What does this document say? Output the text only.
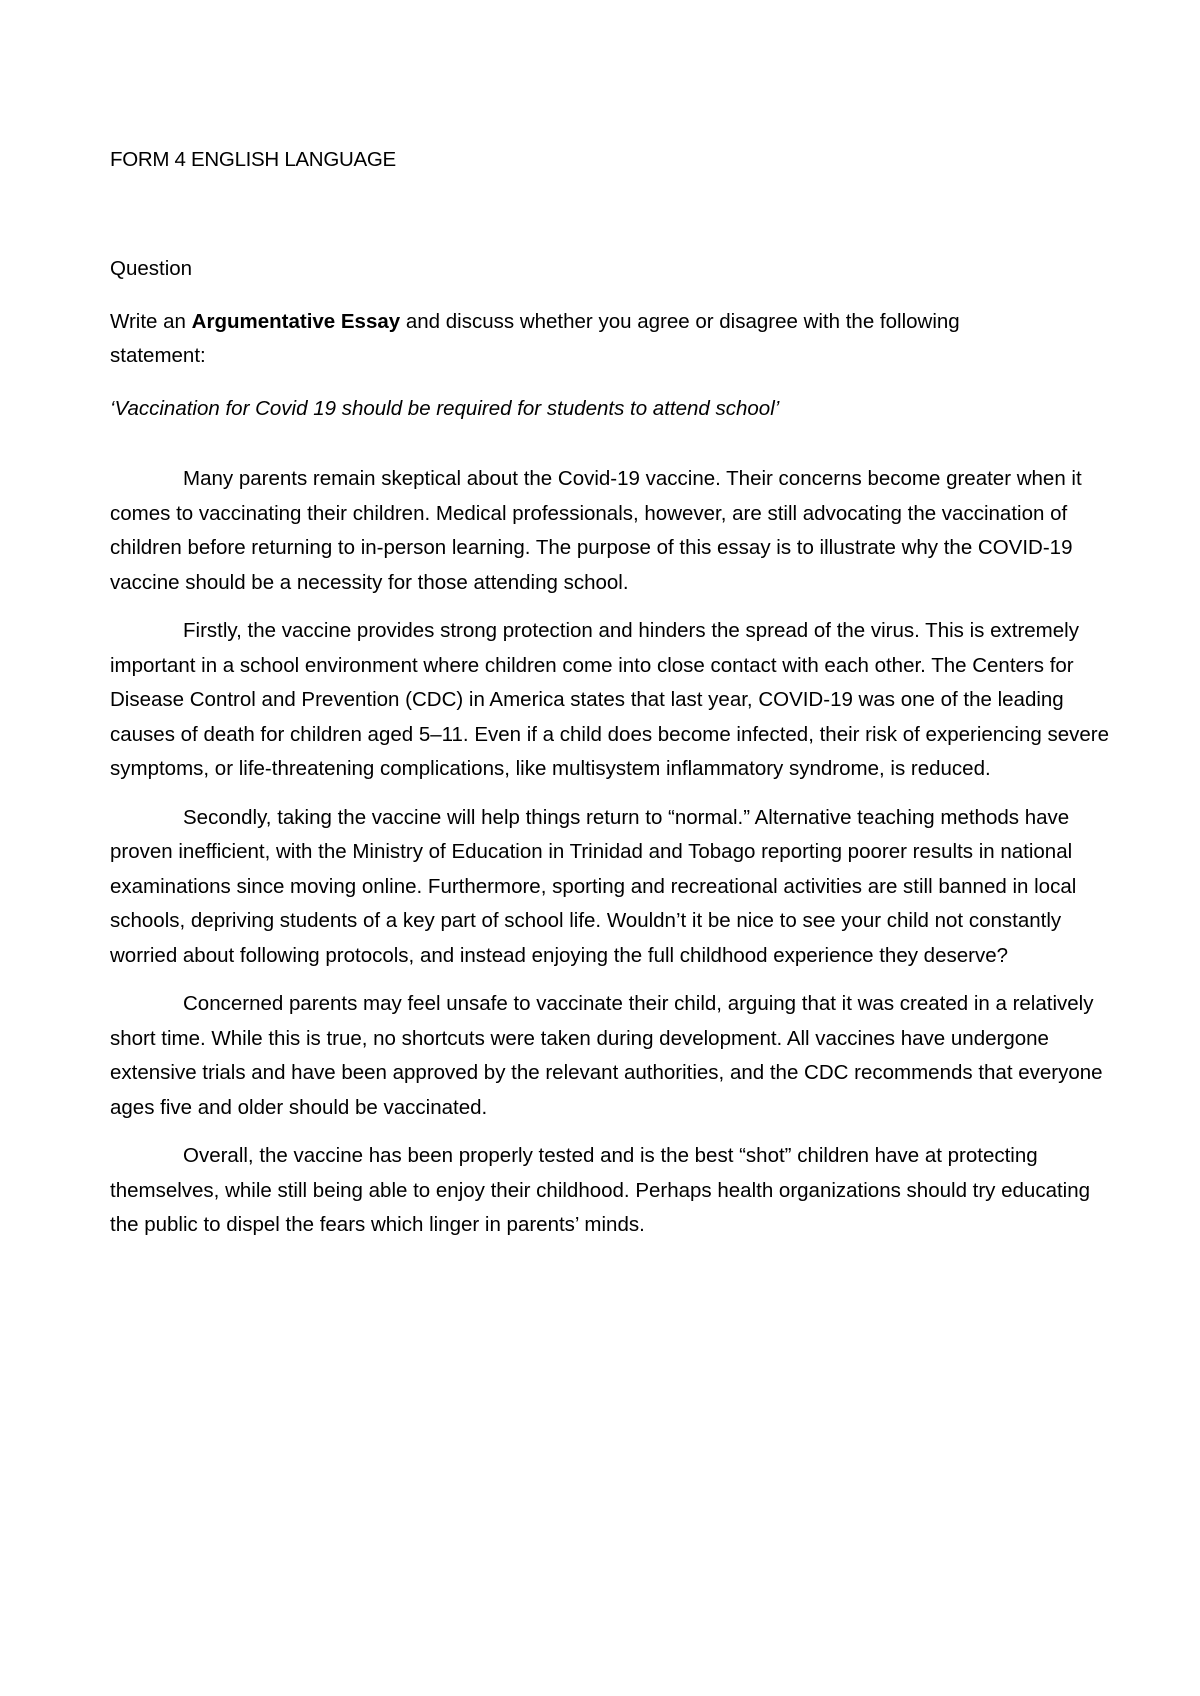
FORM 4 ENGLISH LANGUAGE

Question

Write an Argumentative Essay and discuss whether you agree or disagree with the following statement:

‘Vaccination for Covid 19 should be required for students to attend school’

Many parents remain skeptical about the Covid-19 vaccine. Their concerns become greater when it comes to vaccinating their children. Medical professionals, however, are still advocating the vaccination of children before returning to in-person learning. The purpose of this essay is to illustrate why the COVID-19 vaccine should be a necessity for those attending school.

Firstly, the vaccine provides strong protection and hinders the spread of the virus. This is extremely important in a school environment where children come into close contact with each other. The Centers for Disease Control and Prevention (CDC) in America states that last year, COVID-19 was one of the leading causes of death for children aged 5–11. Even if a child does become infected, their risk of experiencing severe symptoms, or life-threatening complications, like multisystem inflammatory syndrome, is reduced.

Secondly, taking the vaccine will help things return to “normal.” Alternative teaching methods have proven inefficient, with the Ministry of Education in Trinidad and Tobago reporting poorer results in national examinations since moving online. Furthermore, sporting and recreational activities are still banned in local schools, depriving students of a key part of school life. Wouldn’t it be nice to see your child not constantly worried about following protocols, and instead enjoying the full childhood experience they deserve?

Concerned parents may feel unsafe to vaccinate their child, arguing that it was created in a relatively short time. While this is true, no shortcuts were taken during development. All vaccines have undergone extensive trials and have been approved by the relevant authorities, and the CDC recommends that everyone ages five and older should be vaccinated.

Overall, the vaccine has been properly tested and is the best “shot” children have at protecting themselves, while still being able to enjoy their childhood. Perhaps health organizations should try educating the public to dispel the fears which linger in parents’ minds.
